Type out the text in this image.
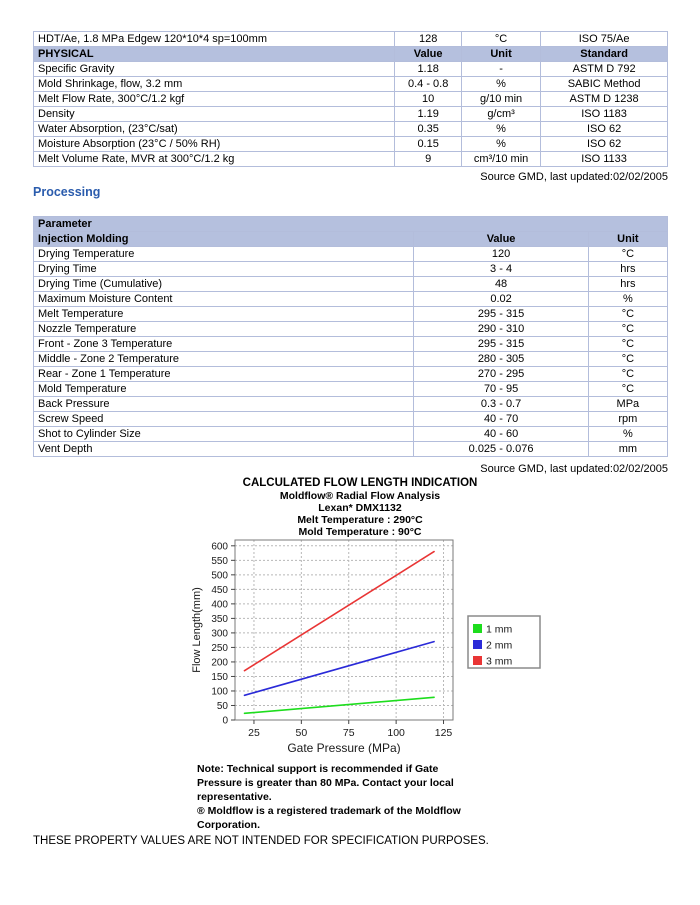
HDT/Ae, 1.8 MPa Edgew 120*10*4 sp=100mm	128	°C	ISO 75/Ae
PHYSICAL	Value	Unit	Standard
Specific Gravity	1.18	-	ASTM D 792
Mold Shrinkage, flow, 3.2 mm	0.4 - 0.8	%	SABIC Method
Melt Flow Rate, 300°C/1.2 kgf	10	g/10 min	ASTM D 1238
Density	1.19	g/cm³	ISO 1183
Water Absorption, (23°C/sat)	0.35	%	ISO 62
Moisture Absorption (23°C / 50% RH)	0.15	%	ISO 62
Melt Volume Rate, MVR at 300°C/1.2 kg	9	cm³/10 min	ISO 1133
Source GMD, last updated:02/02/2005
Processing
Parameter		
Injection Molding	Value	Unit
Drying Temperature	120	°C
Drying Time	3 - 4	hrs
Drying Time (Cumulative)	48	hrs
Maximum Moisture Content	0.02	%
Melt Temperature	295 - 315	°C
Nozzle Temperature	290 - 310	°C
Front - Zone 3 Temperature	295 - 315	°C
Middle - Zone 2 Temperature	280 - 305	°C
Rear - Zone 1 Temperature	270 - 295	°C
Mold Temperature	70 - 95	°C
Back Pressure	0.3 - 0.7	MPa
Screw Speed	40 - 70	rpm
Shot to Cylinder Size	40 - 60	%
Vent Depth	0.025 - 0.076	mm
Source GMD, last updated:02/02/2005
CALCULATED FLOW LENGTH INDICATION
Moldflow® Radial Flow Analysis
Lexan* DMX1132
Melt Temperature : 290°C
Mold Temperature : 90°C
0
50
100
150
200
250
300
350
400
450
500
550
600
25	50	75	100	125
Flow Length(mm)
Gate Pressure (MPa)
1 mm
2 mm
3 mm
Note: Technical support is recommended if Gate
Pressure is greater than 80 MPa. Contact your local
representative.
® Moldflow is a registered trademark of the Moldflow
Corporation.
THESE PROPERTY VALUES ARE NOT INTENDED FOR SPECIFICATION PURPOSES.
